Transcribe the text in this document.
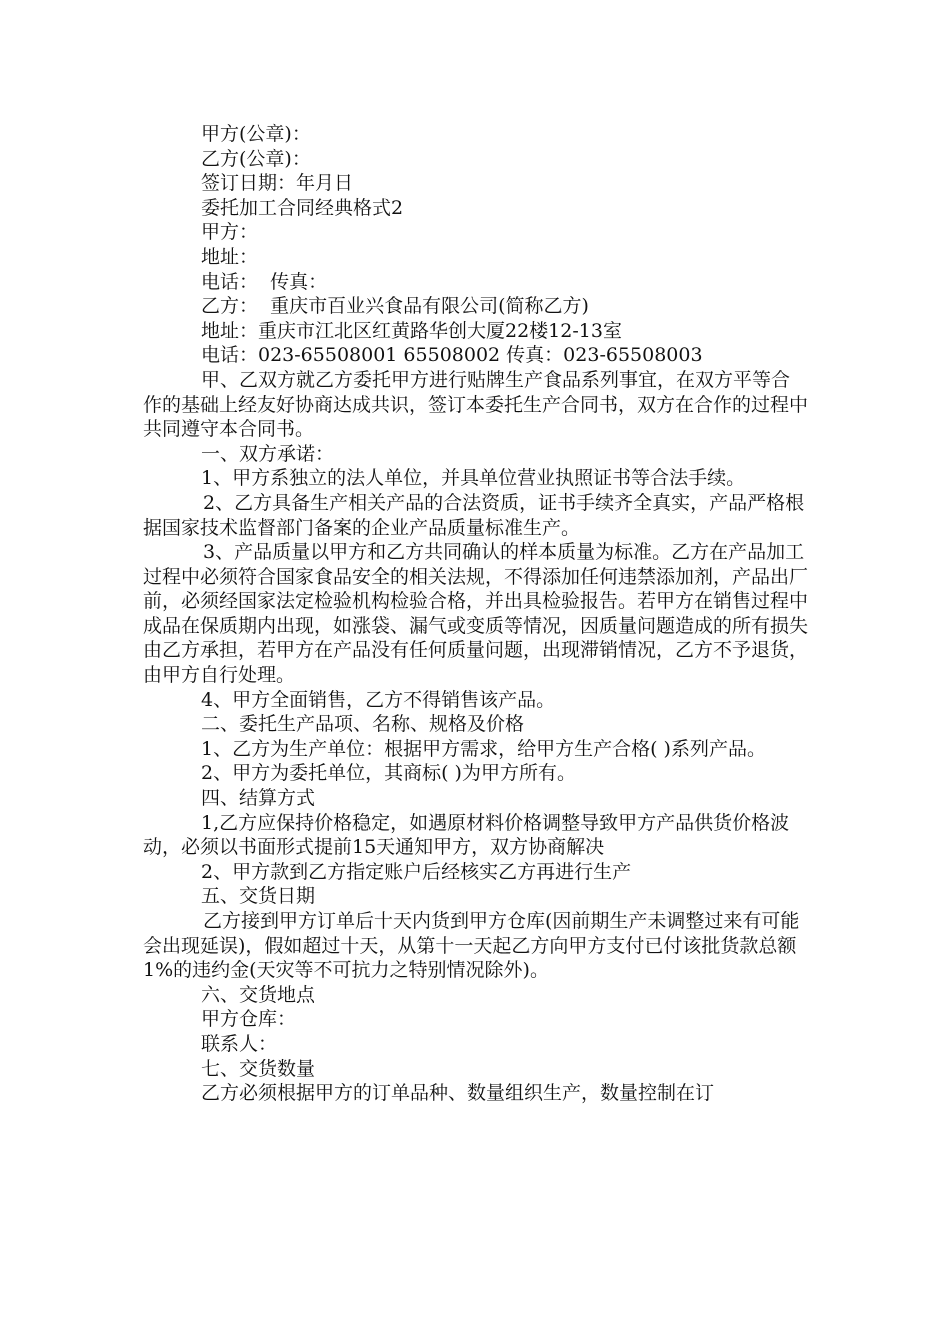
甲方(公章)：

乙方(公章)：

签订日期：年月日

委托加工合同经典格式2

甲方：

地址：

电话：  传真：

乙方：  重庆市百业兴食品有限公司(简称乙方)

地址：重庆市江北区红黄路华创大厦22楼12-13室

电话：023-65508001 65508002 传真：023-65508003

甲、乙双方就乙方委托甲方进行贴牌生产食品系列事宜，在双方平等合作的基础上经友好协商达成共识，签订本委托生产合同书，双方在合作的过程中共同遵守本合同书。

一、双方承诺：

1、甲方系独立的法人单位，并具单位营业执照证书等合法手续。

2、乙方具备生产相关产品的合法资质，证书手续齐全真实，产品严格根据国家技术监督部门备案的企业产品质量标准生产。

3、产品质量以甲方和乙方共同确认的样本质量为标准。乙方在产品加工过程中必须符合国家食品安全的相关法规，不得添加任何违禁添加剂，产品出厂前，必须经国家法定检验机构检验合格，并出具检验报告。若甲方在销售过程中成品在保质期内出现，如涨袋、漏气或变质等情况，因质量问题造成的所有损失由乙方承担，若甲方在产品没有任何质量问题，出现滞销情况，乙方不予退货，由甲方自行处理。

4、甲方全面销售，乙方不得销售该产品。

二、委托生产品项、名称、规格及价格

1、乙方为生产单位：根据甲方需求，给甲方生产合格( )系列产品。

2、甲方为委托单位，其商标( )为甲方所有。

四、结算方式

1,乙方应保持价格稳定，如遇原材料价格调整导致甲方产品供货价格波动，必须以书面形式提前15天通知甲方，双方协商解决

2、甲方款到乙方指定账户后经核实乙方再进行生产

五、交货日期

乙方接到甲方订单后十天内货到甲方仓库(因前期生产未调整过来有可能会出现延误)，假如超过十天，从第十一天起乙方向甲方支付已付该批货款总额1%的违约金(天灾等不可抗力之特别情况除外)。

六、交货地点

甲方仓库：

联系人：

七、交货数量

乙方必须根据甲方的订单品种、数量组织生产，数量控制在订
